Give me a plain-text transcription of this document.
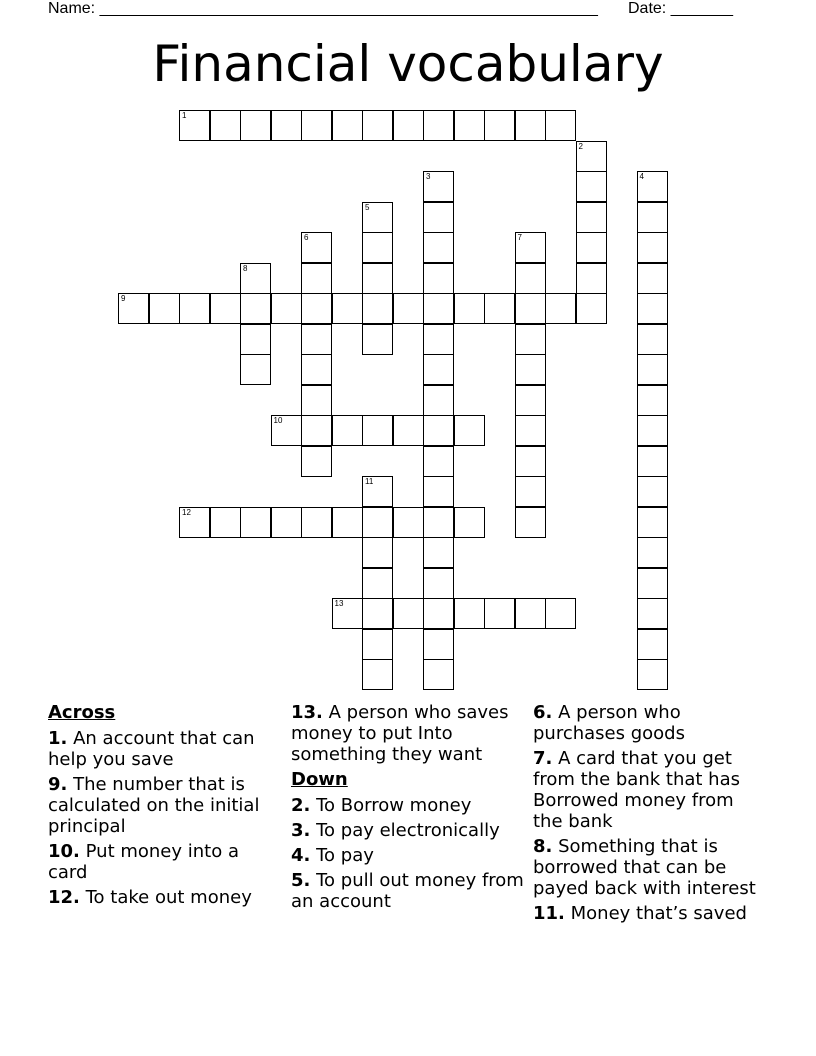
Name: ________________________________________________________ Date: _______
Financial vocabulary
1
2
3	4
5
6	7
8
9
10
11
12
13
Across
1. An account that can help you save
9. The number that is calculated on the initial principal
10. Put money into a card
12. To take out money
13. A person who saves money to put Into something they want
Down
2. To Borrow money
3. To pay electronically
4. To pay
5. To pull out money from an account
6. A person who purchases goods
7. A card that you get from the bank that has Borrowed money from the bank
8. Something that is borrowed that can be payed back with interest
11. Money that’s saved
